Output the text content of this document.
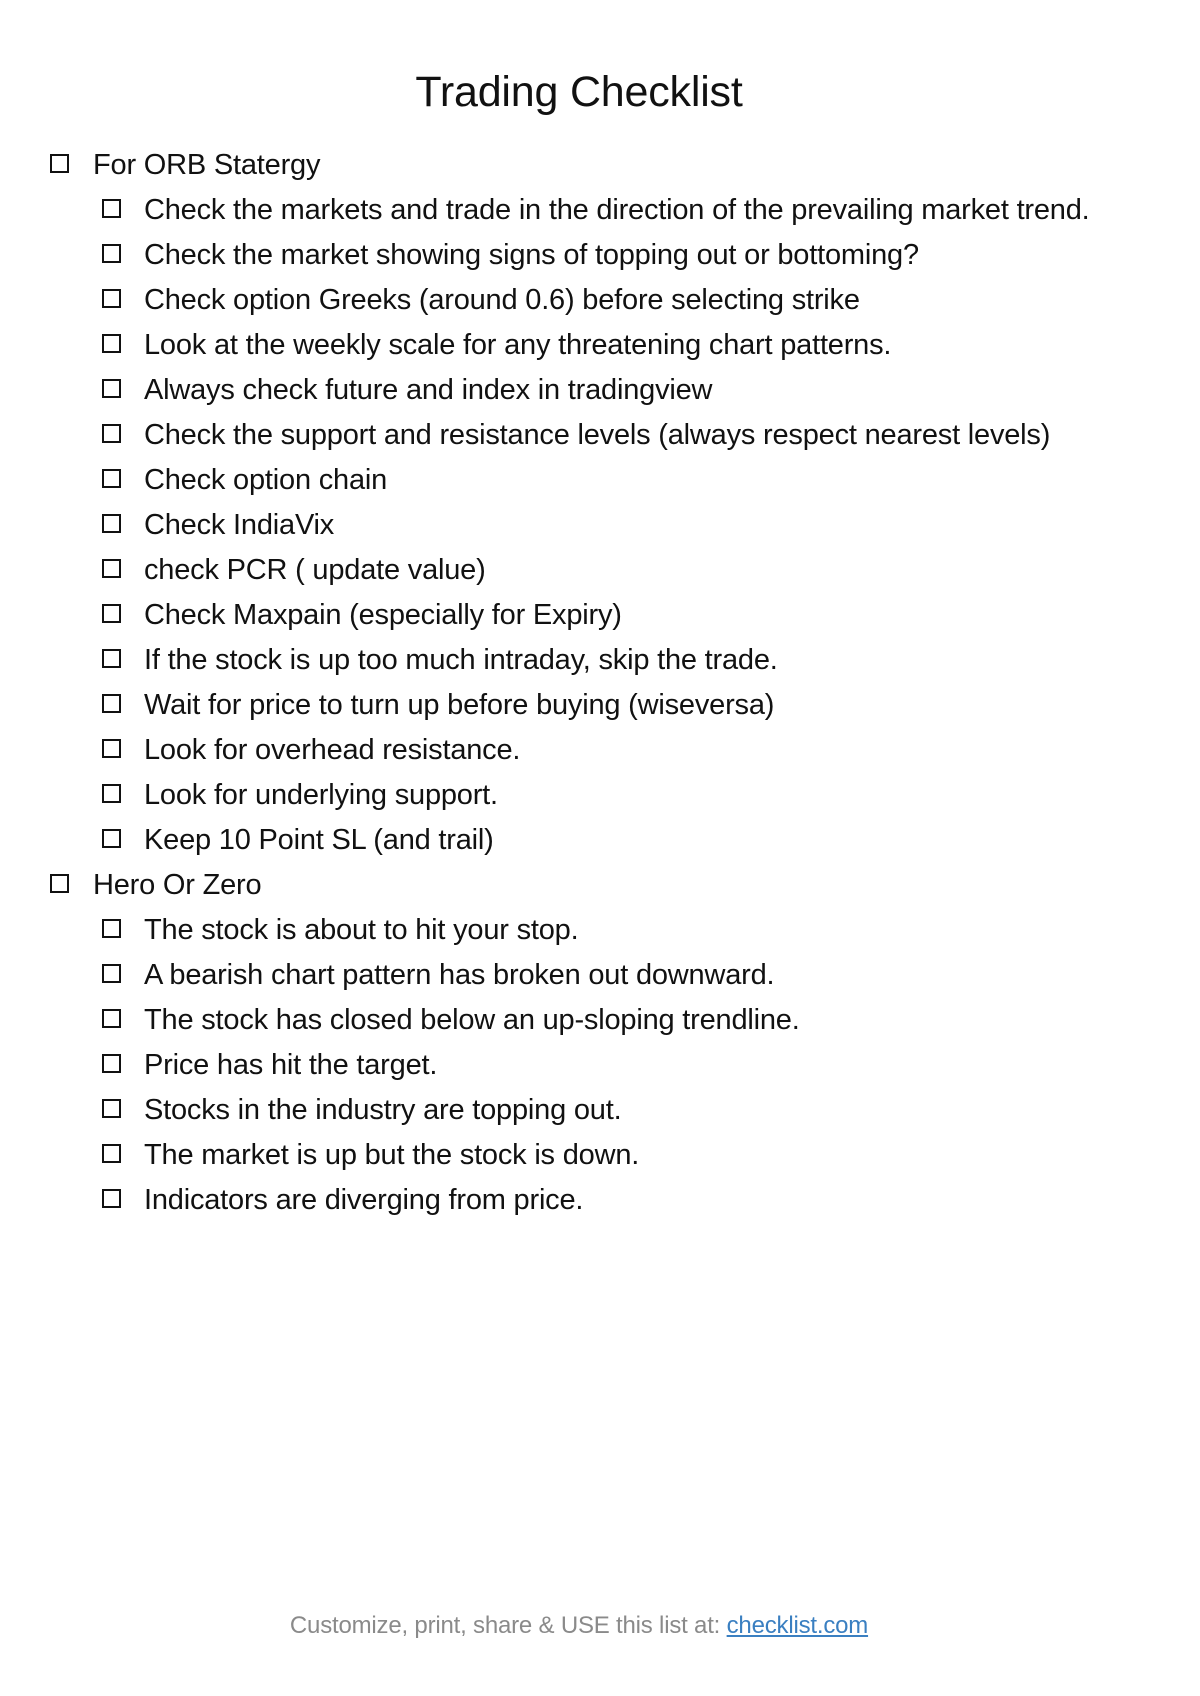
Trading Checklist
For ORB Statergy
Check the markets and trade in the direction of the prevailing market trend.
Check the market showing signs of topping out or bottoming?
Check option Greeks (around 0.6) before selecting strike
Look at the weekly scale for any threatening chart patterns.
Always check future and index in tradingview
Check the support and resistance levels (always respect nearest levels)
Check option chain
Check IndiaVix
check PCR ( update value)
Check Maxpain (especially for Expiry)
If the stock is up too much intraday, skip the trade.
Wait for price to turn up before buying (wiseversa)
Look for overhead resistance.
Look for underlying support.
Keep 10 Point SL (and trail)
Hero Or Zero
The stock is about to hit your stop.
A bearish chart pattern has broken out downward.
The stock has closed below an up-sloping trendline.
Price has hit the target.
Stocks in the industry are topping out.
The market is up but the stock is down.
Indicators are diverging from price.
Customize, print, share & USE this list at: checklist.com
